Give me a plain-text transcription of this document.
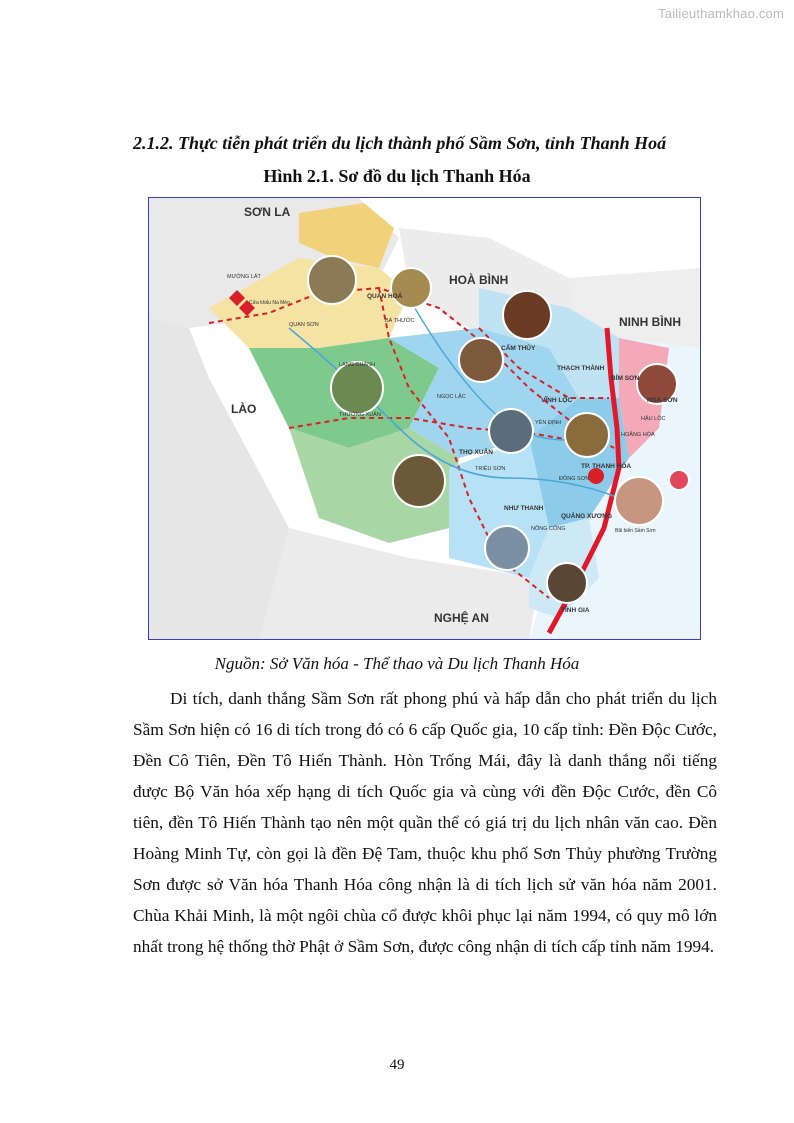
Tailieuthamkhao.com
2.1.2. Thực tiễn phát triển du lịch thành phố Sầm Sơn, tỉnh Thanh Hoá
Hình 2.1. Sơ đồ du lịch Thanh Hóa
SƠN LA
HOÀ BÌNH
NINH BÌNH
LÀO
NGHỆ AN
QUAN HOÁ
CẨM THỦY
THẠCH THÀNH
BỈM SƠN
NGA SƠN
VĨNH LỘC
THỌ XUÂN
TP. THANH HÓA
NHƯ THANH
QUẢNG XƯƠNG
TĨNH GIA
MƯỜNG LÁT
QUAN SƠN
BÁ THƯỚC
LANG CHÁNH
THƯỜNG XUÂN
NGỌC LẶC
TRIỆU SƠN
NÔNG CỐNG
ĐÔNG SƠN
HOẰNG HÓA
YÊN ĐỊNH
HẬU LỘC
Cửa khẩu Na Mèo
Bãi biển Sầm Sơn
Nguồn: Sở Văn hóa - Thể thao và Du lịch Thanh Hóa

Di tích, danh thắng Sầm Sơn rất phong phú và hấp dẫn cho phát triển du lịch Sầm Sơn hiện có 16 di tích trong đó có 6 cấp Quốc gia, 10 cấp tỉnh: Đền Độc Cước, Đền Cô Tiên, Đền Tô Hiến Thành. Hòn Trống Mái, đây là danh thắng nổi tiếng được Bộ Văn hóa xếp hạng di tích Quốc gia và cùng với đền Độc Cước, đền Cô tiên, đền Tô Hiến Thành tạo nên một quần thể có giá trị du lịch nhân văn cao. Đền Hoàng Minh Tự, còn gọi là đền Đệ Tam, thuộc khu phố Sơn Thủy phường Trường Sơn được sở Văn hóa Thanh Hóa công nhận là di tích lịch sử văn hóa năm 2001. Chùa Khải Minh, là một ngôi chùa cổ được khôi phục lại năm 1994, có quy mô lớn nhất trong hệ thống thờ Phật ở Sầm Sơn, được công nhận di tích cấp tỉnh năm 1994.

49
